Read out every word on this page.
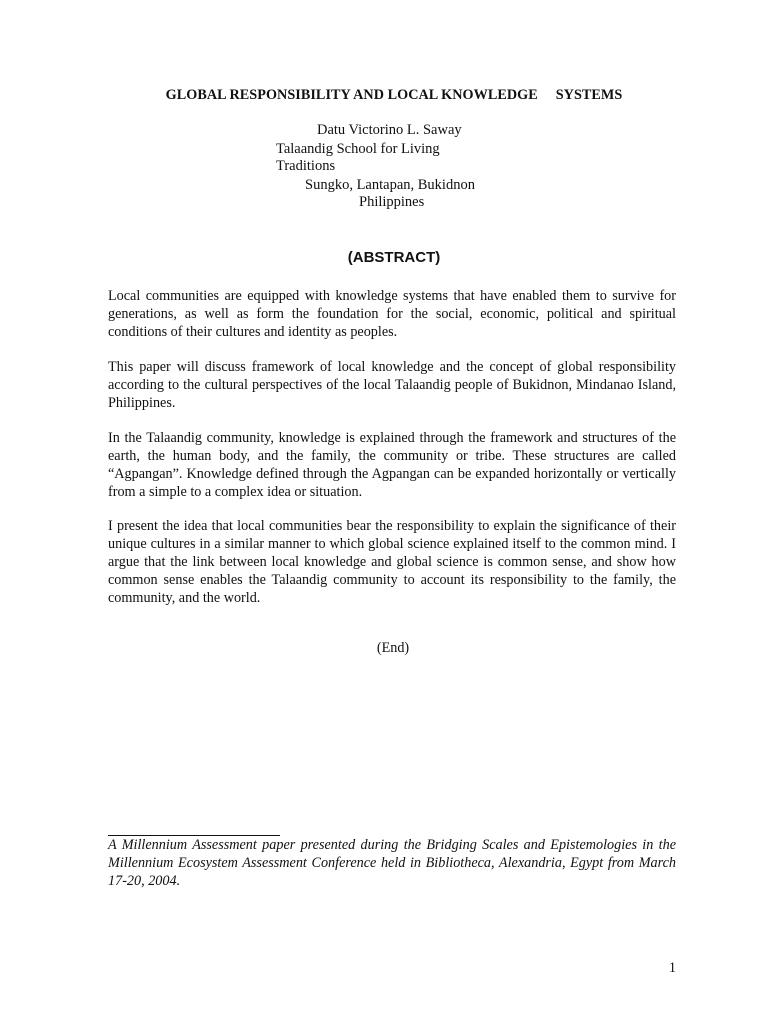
GLOBAL RESPONSIBILITY AND LOCAL KNOWLEDGE     SYSTEMS
Datu Victorino L. Saway
Talaandig School for Living
Traditions
Sungko, Lantapan, Bukidnon
Philippines
(ABSTRACT)

Local communities are equipped with knowledge systems that have enabled them to survive for generations, as well as form the foundation for the social, economic, political and spiritual conditions of their cultures and identity as peoples.

This paper will discuss framework of local knowledge and the concept of global responsibility according to the cultural perspectives of the local Talaandig people of Bukidnon, Mindanao Island, Philippines.

In the Talaandig community, knowledge is explained through the framework and structures of the earth, the human body, and the family, the community or tribe. These structures are called “Agpangan”. Knowledge defined through the Agpangan can be expanded horizontally or vertically from a simple to a complex idea or situation.

I present the idea that local communities bear the responsibility to explain the significance of their unique cultures in a similar manner to which global science explained itself to the common mind. I argue that the link between local knowledge and global science is common sense, and show how common sense enables the Talaandig community to account its responsibility to the family, the community, and the world.

(End)

A Millennium Assessment paper presented during the Bridging Scales and Epistemologies in the Millennium Ecosystem Assessment Conference held in Bibliotheca, Alexandria, Egypt from March 17-20, 2004.

1
